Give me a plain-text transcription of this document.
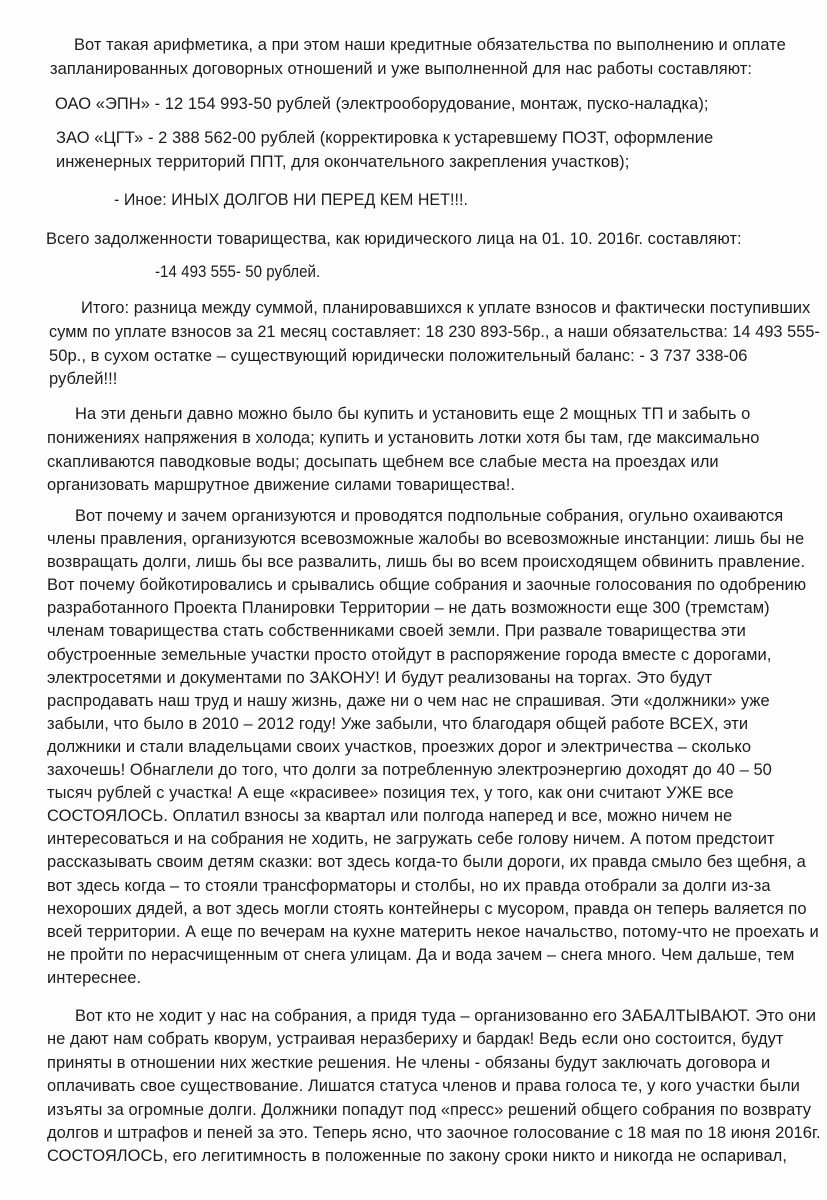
Вот такая арифметика, а при этом наши кредитные обязательства по выполнению и оплате
запланированных договорных отношений и уже выполненной для нас работы составляют:
ОАО «ЭПН» - 12 154 993-50 рублей (электрооборудование, монтаж, пуско-наладка);
ЗАО «ЦГТ» - 2 388 562-00 рублей (корректировка к устаревшему ПОЗТ, оформление
инженерных территорий ППТ, для окончательного закрепления участков);
- Иное: ИНЫХ ДОЛГОВ НИ ПЕРЕД КЕМ НЕТ!!!.
Всего задолженности товарищества, как юридического лица на 01. 10. 2016г. составляют:
-14 493 555- 50 рублей.
Итого: разница между суммой, планировавшихся к уплате взносов и фактически поступивших
сумм по уплате взносов за 21 месяц составляет: 18 230 893-56р., а наши обязательства: 14 493 555-
50р., в сухом остатке – существующий юридически положительный баланс: - 3 737 338-06
рублей!!!
На эти деньги давно можно было бы купить и установить еще 2 мощных ТП и забыть о
понижениях напряжения в холода; купить и установить лотки хотя бы там, где максимально
скапливаются паводковые воды; досыпать щебнем все слабые места на проездах или
организовать маршрутное движение силами товарищества!.
Вот почему и зачем организуются и проводятся подпольные собрания, огульно охаиваются
члены правления, организуются всевозможные жалобы во всевозможные инстанции: лишь бы не
возвращать долги, лишь бы все развалить, лишь бы во всем происходящем обвинить правление.
Вот почему бойкотировались и срывались общие собрания и заочные голосования по одобрению
разработанного Проекта Планировки Территории – не дать возможности еще 300 (тремстам)
членам товарищества стать собственниками своей земли. При развале товарищества эти
обустроенные земельные участки просто отойдут в распоряжение города вместе с дорогами,
электросетями и документами по ЗАКОНУ! И будут реализованы на торгах. Это будут
распродавать наш труд и нашу жизнь, даже ни о чем нас не спрашивая. Эти «должники» уже
забыли, что было в 2010 – 2012 году! Уже забыли, что благодаря общей работе ВСЕХ, эти
должники и стали владельцами своих участков, проезжих дорог и электричества – сколько
захочешь! Обнаглели до того, что долги за потребленную электроэнергию доходят до 40 – 50
тысяч рублей с участка! А еще «красивее» позиция тех, у того, как они считают УЖЕ все
СОСТОЯЛОСЬ. Оплатил взносы за квартал или полгода наперед и все, можно ничем не
интересоваться и на собрания не ходить, не загружать себе голову ничем. А потом предстоит
рассказывать своим детям сказки: вот здесь когда-то были дороги, их правда смыло без щебня, а
вот здесь когда – то стояли трансформаторы и столбы, но их правда отобрали за долги из-за
нехороших дядей, а вот здесь могли стоять контейнеры с мусором, правда он теперь валяется по
всей территории. А еще по вечерам на кухне материть некое начальство, потому-что не проехать и
не пройти по нерасчищенным от снега улицам. Да и вода зачем – снега много. Чем дальше, тем
интереснее.
Вот кто не ходит у нас на собрания, а придя туда – организованно его ЗАБАЛТЫВАЮТ. Это они
не дают нам собрать кворум, устраивая неразбериху и бардак! Ведь если оно состоится, будут
приняты в отношении них жесткие решения. Не члены - обязаны будут заключать договора и
оплачивать свое существование. Лишатся статуса членов и права голоса те, у кого участки были
изъяты за огромные долги. Должники попадут под «пресс» решений общего собрания по возврату
долгов и штрафов и пеней за это. Теперь ясно, что заочное голосование с 18 мая по 18 июня 2016г.
СОСТОЯЛОСЬ, его легитимность в положенные по закону сроки никто и никогда не оспаривал,
